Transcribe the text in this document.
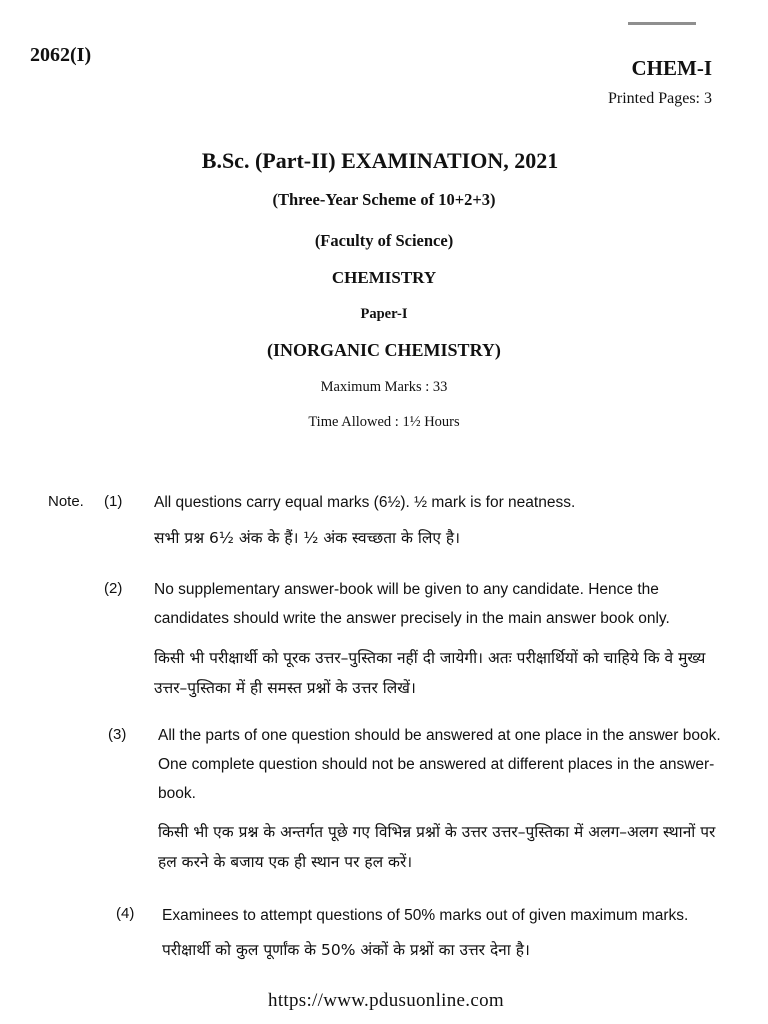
2062(I)
CHEM-I
Printed Pages: 3
B.Sc. (Part-II) EXAMINATION, 2021
(Three-Year Scheme of 10+2+3)
(Faculty of Science)
CHEMISTRY
Paper-I
(INORGANIC CHEMISTRY)
Maximum Marks : 33
Time Allowed : 1½ Hours
Note. (1) All questions carry equal marks (6½). ½ mark is for neatness.
सभी प्रश्न 6½ अंक के हैं। ½ अंक स्वच्छता के लिए है।
(2) No supplementary answer-book will be given to any candidate. Hence the candidates should write the answer precisely in the main answer book only.
किसी भी परीक्षार्थी को पूरक उत्तर–पुस्तिका नहीं दी जायेगी। अतः परीक्षार्थियों को चाहिये कि वे मुख्य उत्तर–पुस्तिका में ही समस्त प्रश्नों के उत्तर लिखें।
(3) All the parts of one question should be answered at one place in the answer book. One complete question should not be answered at different places in the answer-book.
किसी भी एक प्रश्न के अन्तर्गत पूछे गए विभिन्न प्रश्नों के उत्तर उत्तर–पुस्तिका में अलग–अलग स्थानों पर हल करने के बजाय एक ही स्थान पर हल करें।
(4) Examinees to attempt questions of 50% marks out of given maximum marks.
परीक्षार्थी को कुल पूर्णांक के 50% अंकों के प्रश्नों का उत्तर देना है।
https://www.pdusuonline.com
